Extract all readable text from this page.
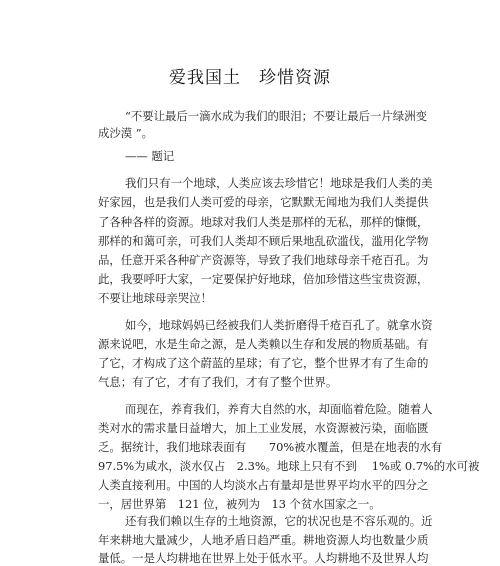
爱我国土　珍惜资源
“不要让最后一滴水成为我们的眼泪；不要让最后一片绿洲变
成沙漠 ”。
—— 题记
我们只有一个地球，人类应该去珍惜它！地球是我们人类的美
好家园，也是我们人类可爱的母亲，它默默无闻地为我们人类提供
了各种各样的资源。地球对我们人类是那样的无私，那样的慷慨，
那样的和蔼可亲，可我们人类却不顾后果地乱砍滥伐，滥用化学物
品，任意开采各种矿产资源等，导致了我们地球母亲千疮百孔。为
此，我要呼吁大家，一定要保护好地球，倍加珍惜这些宝贵资源，
不要让地球母亲哭泣！
如今，地球妈妈已经被我们人类折磨得千疮百孔了。就拿水资
源来说吧，水是生命之源，是人类赖以生存和发展的物质基础。有
了它，才构成了这个蔚蓝的星球；有了它，整个世界才有了生命的
气息；有了它，才有了我们，才有了整个世界。
而现在，养育我们，养育大自然的水，却面临着危险。随着人
类对水的需求量日益增大，加上工业发展，水资源被污染，面临匮
乏。据统计，我们地球表面有　　70%被水覆盖，但是在地表的水有
97.5%为咸水，淡水仅占　2.3%。地球上只有不到　 1%或 0.7%的水可被
人类直接利用。中国的人均淡水占有量却是世界平均水平的四分之
一，居世界第　121 位，被列为　13 个贫水国家之一。
还有我们赖以生存的土地资源，它的状况也是不容乐观的。近
年来耕地大量减少，人地矛盾日趋严重。耕地资源人均也数量少质
量低。一是人均耕地在世界上处于低水平。人均耕地不及世界人均
